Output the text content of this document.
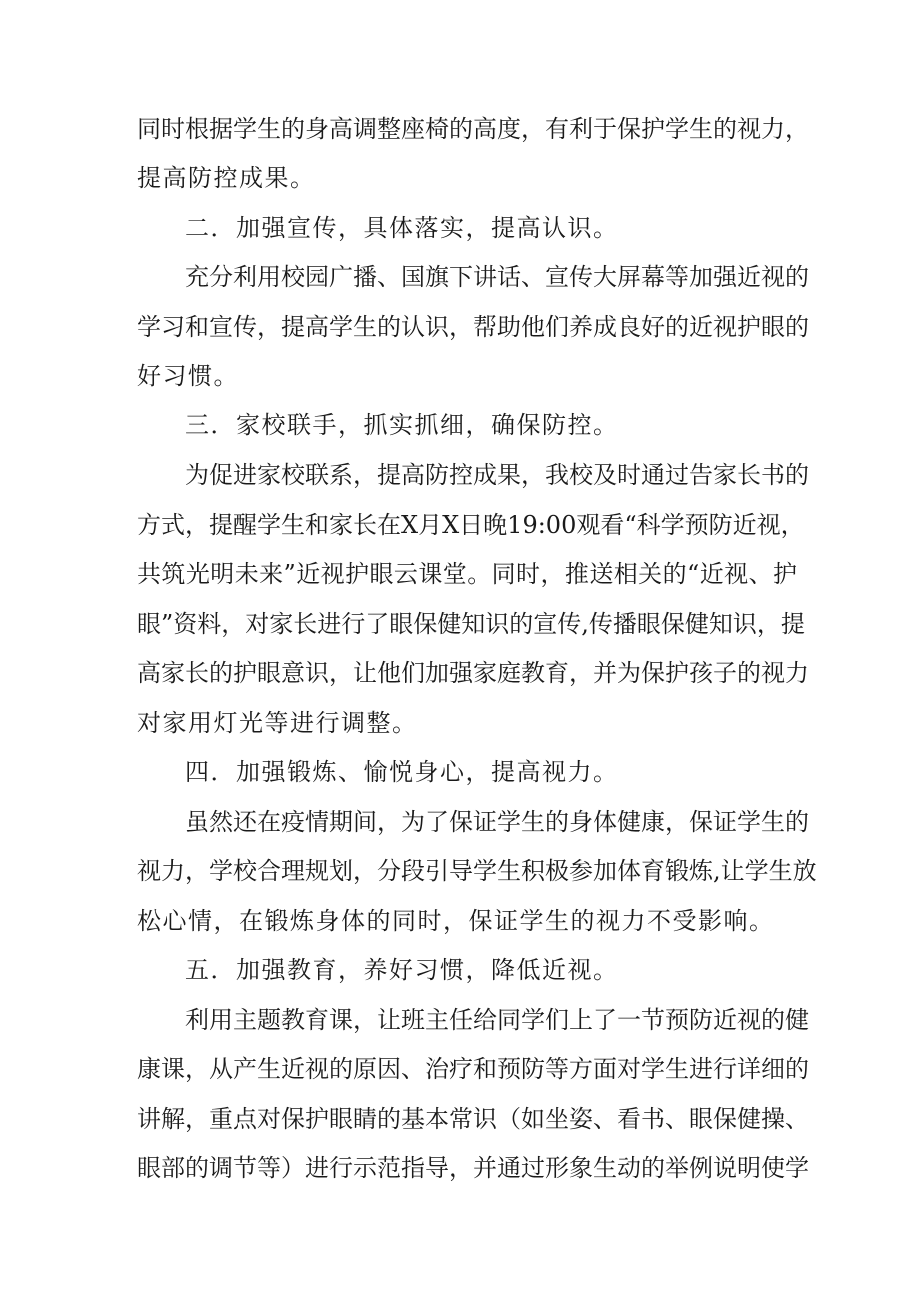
同时根据学生的身高调整座椅的高度，有利于保护学生的视力，
提高防控成果。
二．加强宣传，具体落实，提高认识。
充分利用校园广播、国旗下讲话、宣传大屏幕等加强近视的
学习和宣传，提高学生的认识，帮助他们养成良好的近视护眼的
好习惯。
三．家校联手，抓实抓细，确保防控。
为促进家校联系，提高防控成果，我校及时通过告家长书的
方式，提醒学生和家长在X月X日晚19:00观看“科学预防近视，
共筑光明未来”近视护眼云课堂。同时，推送相关的“近视、护
眼”资料，对家长进行了眼保健知识的宣传,传播眼保健知识，提
高家长的护眼意识，让他们加强家庭教育，并为保护孩子的视力
对家用灯光等进行调整。
四．加强锻炼、愉悦身心，提高视力。
虽然还在疫情期间，为了保证学生的身体健康，保证学生的
视力，学校合理规划，分段引导学生积极参加体育锻炼,让学生放
松心情，在锻炼身体的同时，保证学生的视力不受影响。
五．加强教育，养好习惯，降低近视。
利用主题教育课，让班主任给同学们上了一节预防近视的健
康课，从产生近视的原因、治疗和预防等方面对学生进行详细的
讲解，重点对保护眼睛的基本常识（如坐姿、看书、眼保健操、
眼部的调节等）进行示范指导，并通过形象生动的举例说明使学
